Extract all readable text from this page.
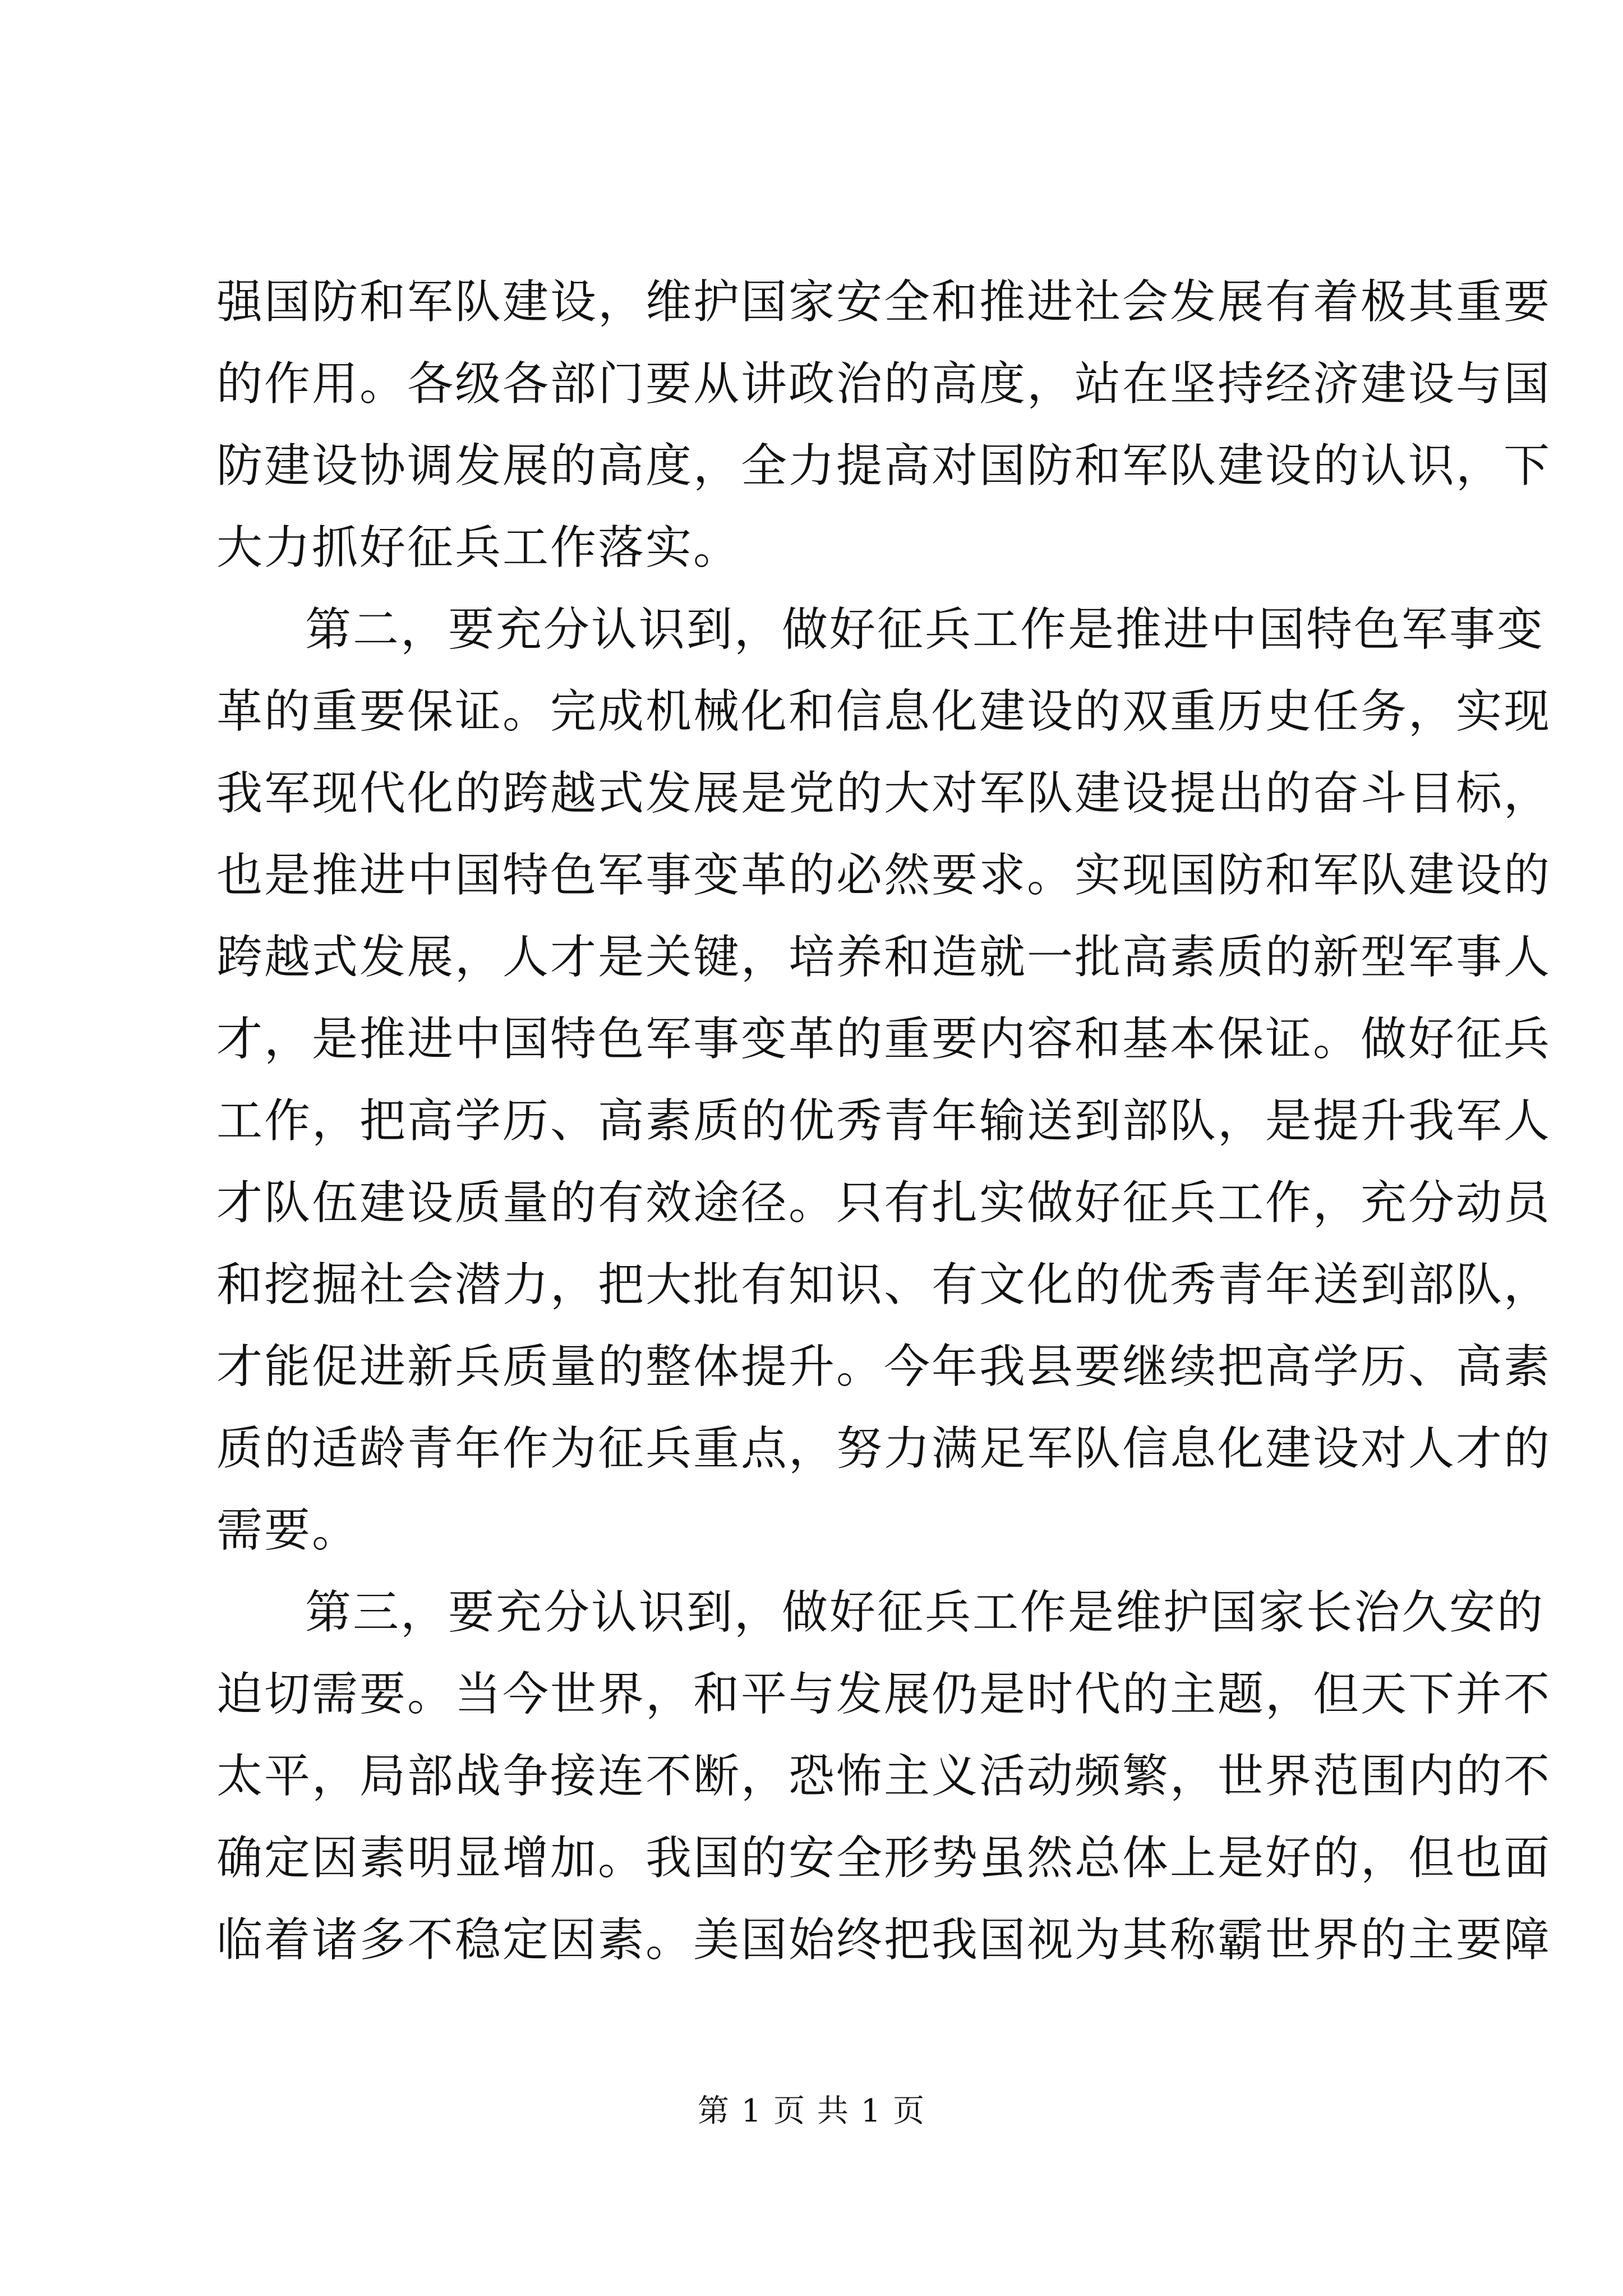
强国防和军队建设，维护国家安全和推进社会发展有着极其重要
的作用。各级各部门要从讲政治的高度，站在坚持经济建设与国
防建设协调发展的高度，全力提高对国防和军队建设的认识，下
大力抓好征兵工作落实。
第二，要充分认识到，做好征兵工作是推进中国特色军事变
革的重要保证。完成机械化和信息化建设的双重历史任务，实现
我军现代化的跨越式发展是党的大对军队建设提出的奋斗目标，
也是推进中国特色军事变革的必然要求。实现国防和军队建设的
跨越式发展，人才是关键，培养和造就一批高素质的新型军事人
才，是推进中国特色军事变革的重要内容和基本保证。做好征兵
工作，把高学历、高素质的优秀青年输送到部队，是提升我军人
才队伍建设质量的有效途径。只有扎实做好征兵工作，充分动员
和挖掘社会潜力，把大批有知识、有文化的优秀青年送到部队，
才能促进新兵质量的整体提升。今年我县要继续把高学历、高素
质的适龄青年作为征兵重点，努力满足军队信息化建设对人才的
需要。
第三，要充分认识到，做好征兵工作是维护国家长治久安的
迫切需要。当今世界，和平与发展仍是时代的主题，但天下并不
太平，局部战争接连不断，恐怖主义活动频繁，世界范围内的不
确定因素明显增加。我国的安全形势虽然总体上是好的，但也面
临着诸多不稳定因素。美国始终把我国视为其称霸世界的主要障
第 1 页 共 1 页
